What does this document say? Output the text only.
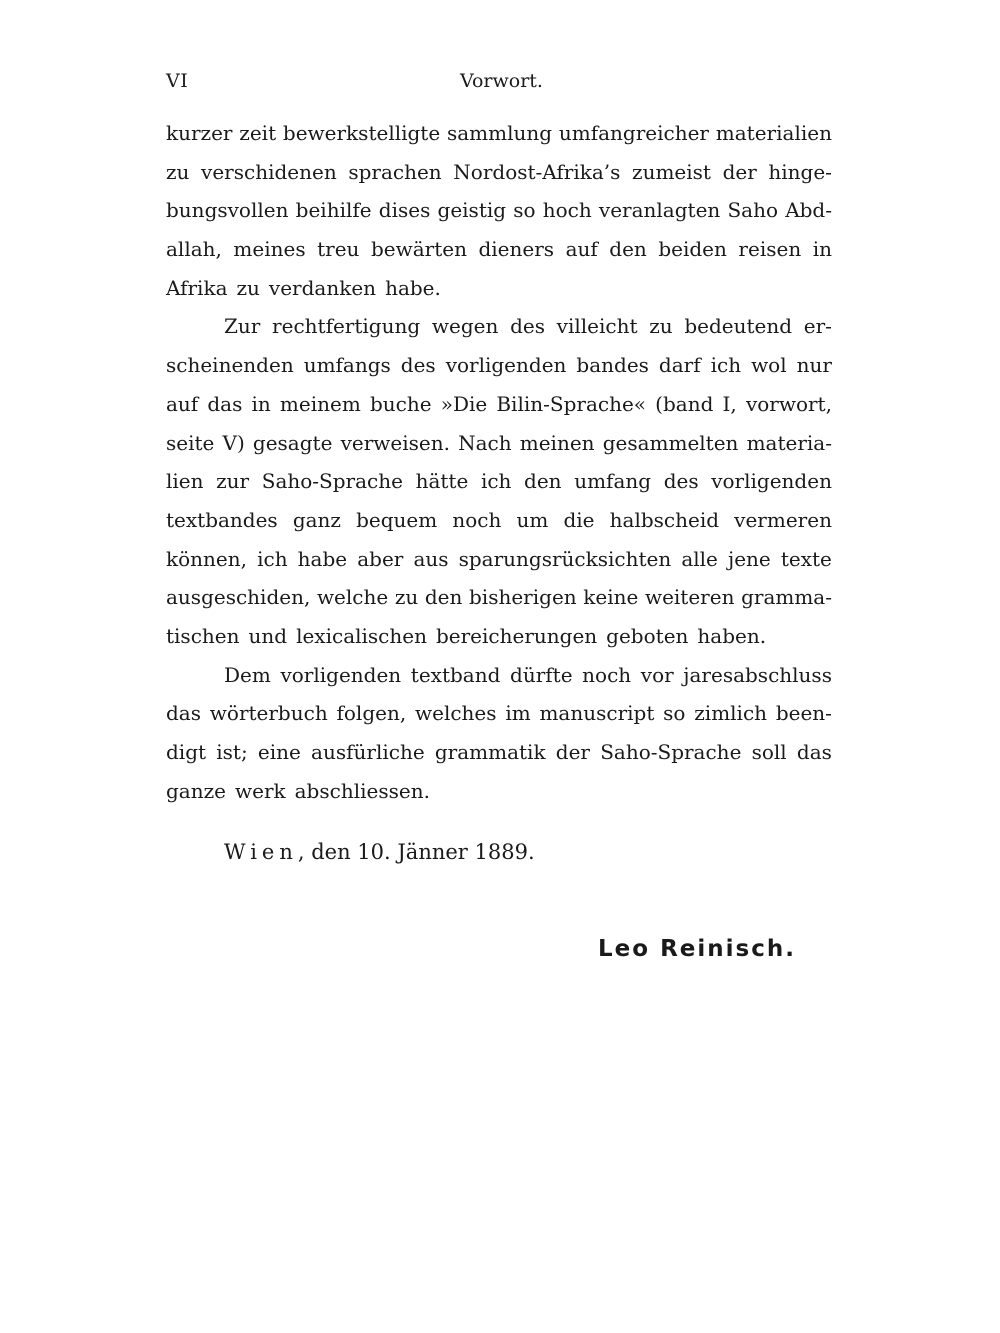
VI	Vorwort.
kurzer zeit bewerkstelligte sammlung umfangreicher materialien
zu verschidenen sprachen Nordost-Afrika’s zumeist der hinge-
bungsvollen beihilfe dises geistig so hoch veranlagten Saho Abd-
allah, meines treu bewärten dieners auf den beiden reisen in
Afrika zu verdanken habe.
Zur rechtfertigung wegen des villeicht zu bedeutend er-
scheinenden umfangs des vorligenden bandes darf ich wol nur
auf das in meinem buche »Die Bilin-Sprache« (band I, vorwort,
seite V) gesagte verweisen. Nach meinen gesammelten materia-
lien zur Saho-Sprache hätte ich den umfang des vorligenden
textbandes ganz bequem noch um die halbscheid vermeren
können, ich habe aber aus sparungsrücksichten alle jene texte
ausgeschiden, welche zu den bisherigen keine weiteren gramma-
tischen und lexicalischen bereicherungen geboten haben.
Dem vorligenden textband dürfte noch vor jaresabschluss
das wörterbuch folgen, welches im manuscript so zimlich been-
digt ist; eine ausfürliche grammatik der Saho-Sprache soll das
ganze werk abschliessen.
Wien, den 10. Jänner 1889.
Leo Reinisch.
